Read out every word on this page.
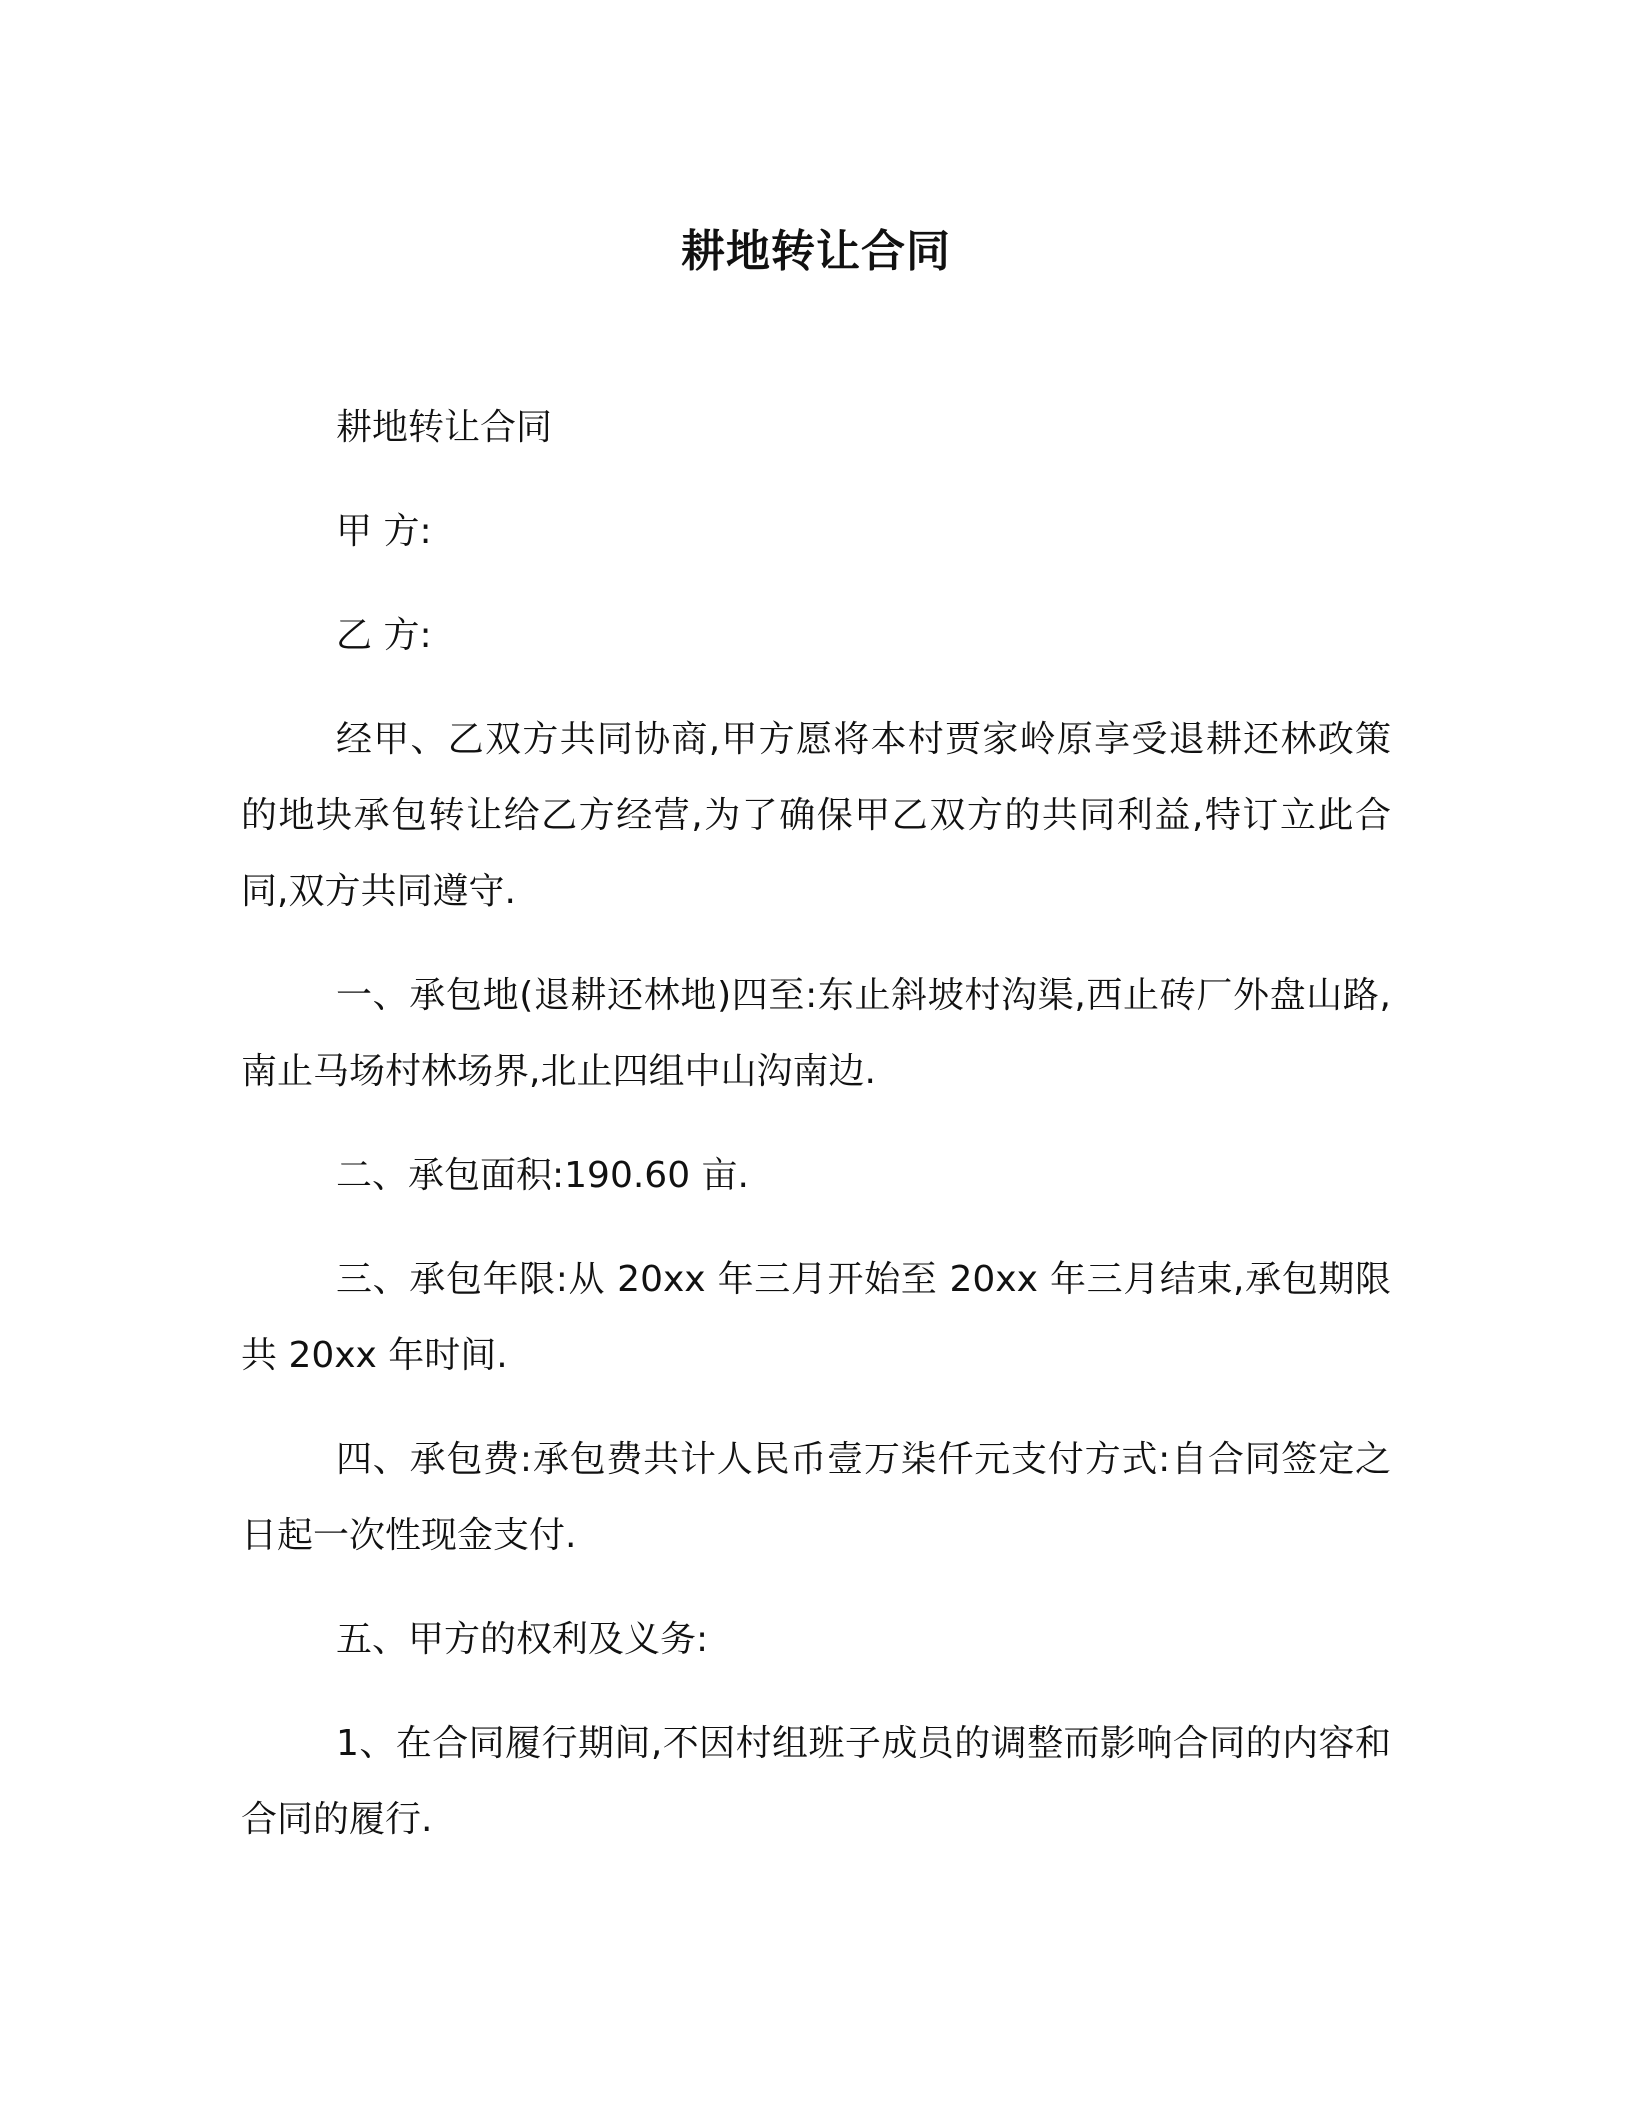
耕地转让合同

耕地转让合同

甲 方:

乙 方:

经甲、乙双方共同协商,甲方愿将本村贾家岭原享受退耕还林政策的地块承包转让给乙方经营,为了确保甲乙双方的共同利益,特订立此合同,双方共同遵守.

一、承包地(退耕还林地)四至:东止斜坡村沟渠,西止砖厂外盘山路,南止马场村林场界,北止四组中山沟南边.

二、承包面积:190.60 亩.

三、承包年限:从 20xx 年三月开始至 20xx 年三月结束,承包期限共 20xx 年时间.

四、承包费:承包费共计人民币壹万柒仟元支付方式:自合同签定之日起一次性现金支付.

五、甲方的权利及义务:

1、在合同履行期间,不因村组班子成员的调整而影响合同的内容和合同的履行.
